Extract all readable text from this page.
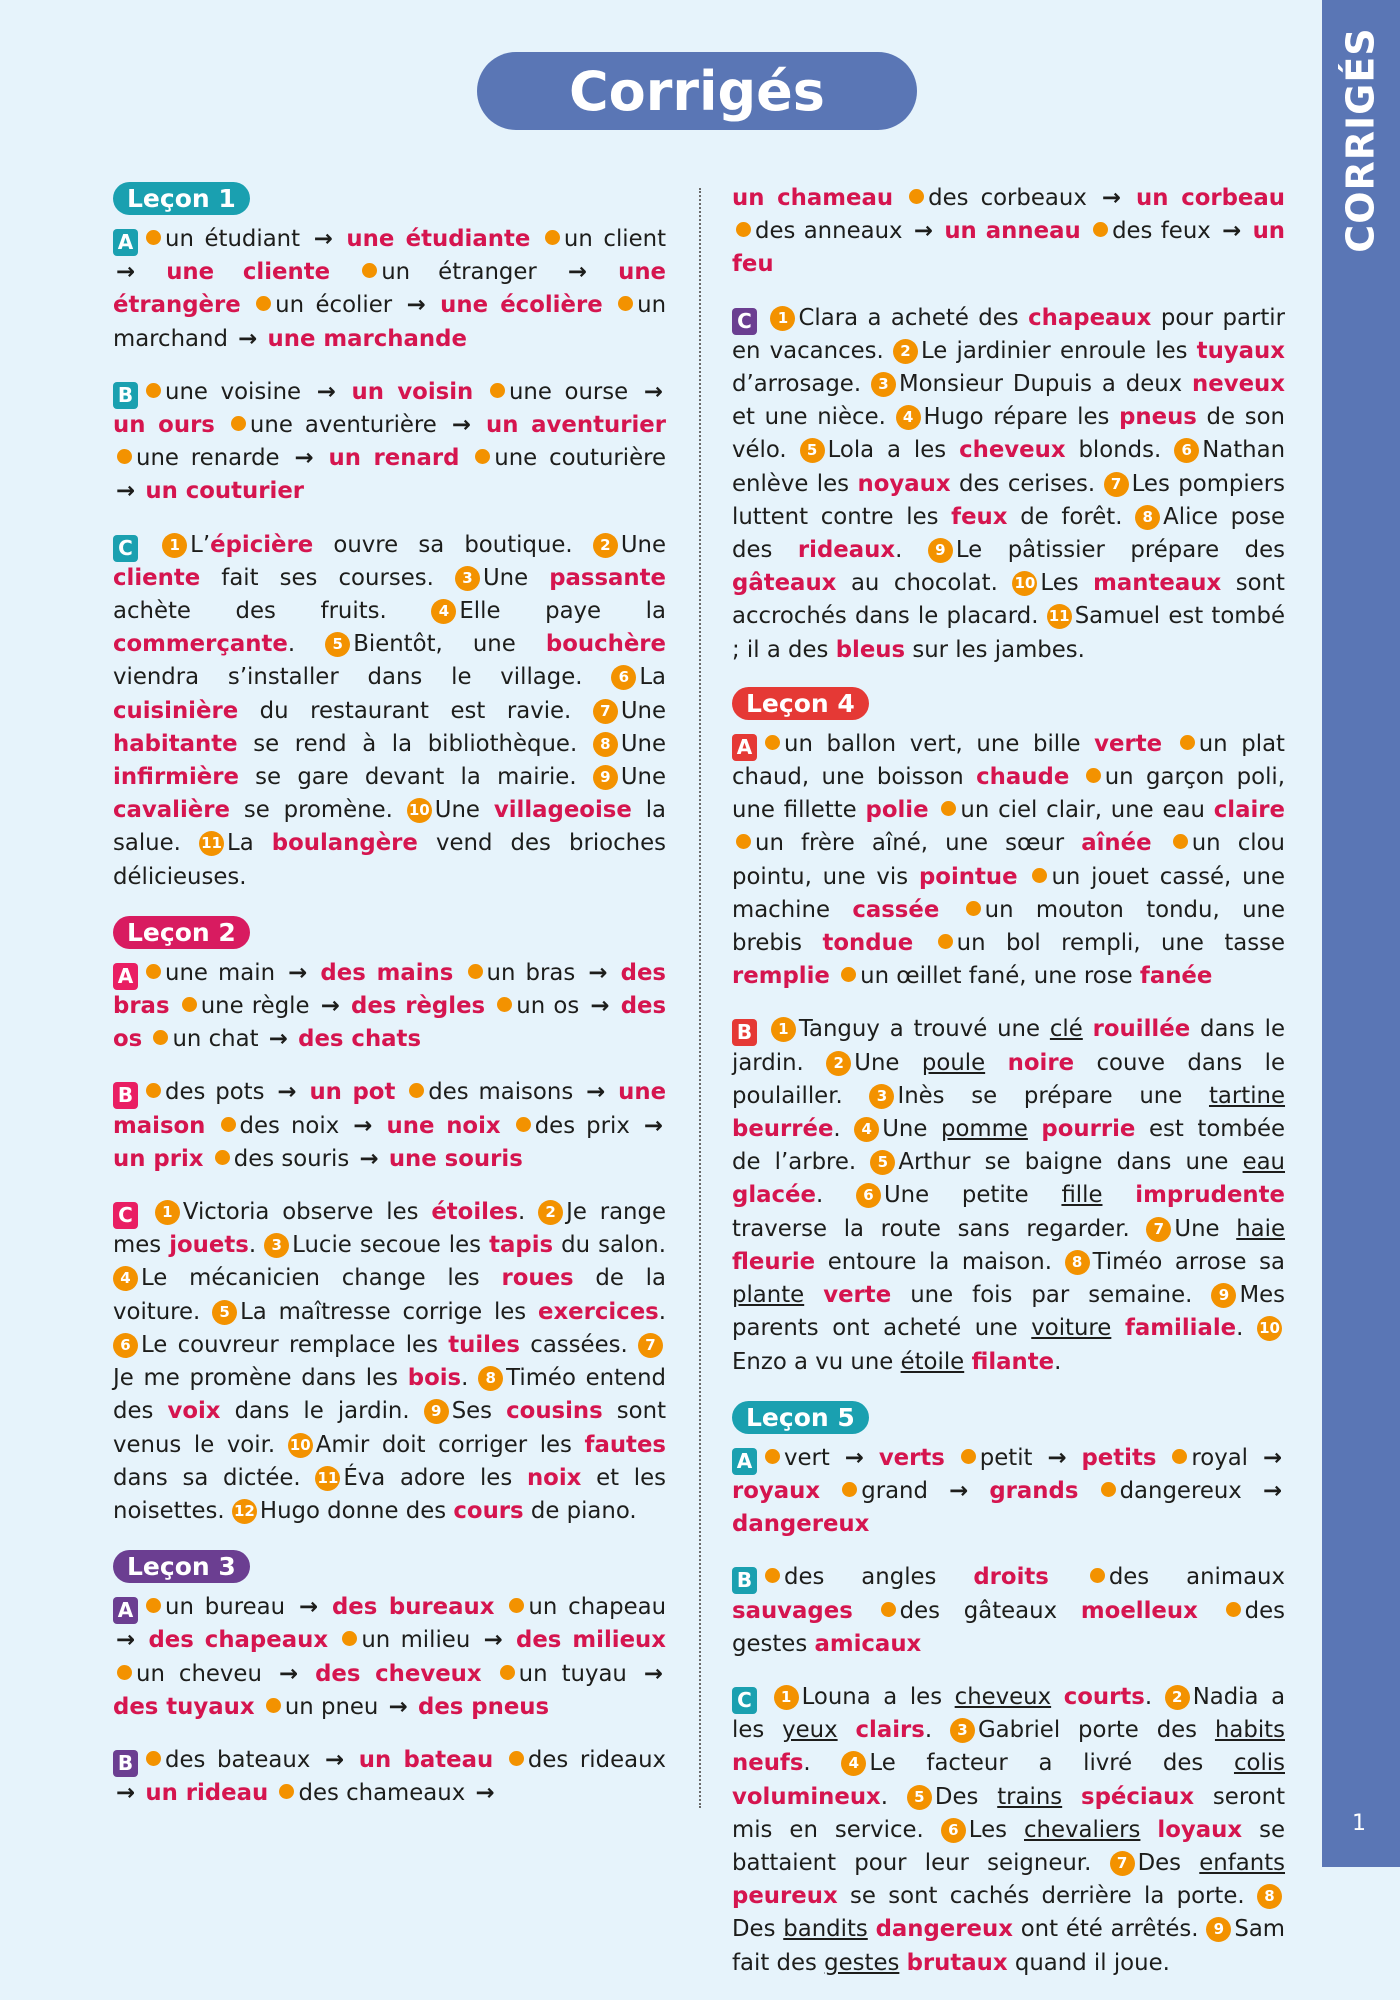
CORRIGÉS
1
Corrigés
Leçon 1
A un étudiant → une étudiante un client → une cliente un étranger → une étrangère un écolier → une écolière un marchand → une marchande
B une voisine → un voisin une ourse → un ours une aventurière → un aventurier une renarde → un renard une couturière → un couturier
C 1 L’épicière ouvre sa boutique. 2 Une cliente fait ses courses. 3 Une passante achète des fruits.	4 Elle paye la commerçante. 5 Bientôt, une bouchère viendra s’installer dans le village. 6 La cuisinière du restaurant est ravie. 7 Une habitante se rend à la bibliothèque. 8 Une infirmière se gare devant la mairie. 9 Une cavalière se promène. 10 Une villageoise la salue. 11 La boulangère vend des brioches délicieuses.
Leçon 2
A une main → des mains un bras → des bras une règle → des règles un os → des os un chat → des chats
B des pots → un pot des maisons → une maison des noix → une noix des prix → un prix des souris → une souris
C 1 Victoria observe les étoiles. 2 Je range mes jouets. 3 Lucie secoue les tapis du salon. 4 Le mécanicien change les roues de la voiture. 5 La maîtresse corrige les exercices. 6 Le couvreur remplace les tuiles cassées. 7Je me promène dans les bois. 8 Timéo entend des voix dans le jardin. 9 Ses cousins sont venus le voir. 10 Amir doit corriger les fautes dans sa dictée. 11 Éva adore les noix et les noisettes. 12 Hugo donne des cours de piano.
Leçon 3
A un bureau → des bureaux un chapeau → des chapeaux un milieu → des milieux un cheveu → des cheveux un tuyau → des tuyaux un pneu → des pneus
B des bateaux → un bateau des rideaux → un rideau des chameaux →
un chameau des corbeaux → un corbeau des anneaux → un anneau des feux → un feu
C 1 Clara a acheté des chapeaux pour partir en vacances. 2 Le jardinier enroule les tuyaux d’arrosage. 3 Monsieur Dupuis a deux neveux et une nièce. 4 Hugo répare les pneus de son vélo. 5 Lola a les cheveux blonds. 6 Nathan enlève les noyaux des cerises. 7 Les pompiers luttent contre les feux de forêt. 8 Alice pose des rideaux. 9 Le pâtissier prépare des gâteaux au chocolat. 10 Les manteaux sont accrochés dans le placard. 11 Samuel est tombé ; il a des bleus sur les jambes.
Leçon 4
A un ballon vert, une bille verte un plat chaud, une boisson chaude un garçon poli, une fillette polie un ciel clair, une eau claire un frère aîné, une sœur aînée un clou pointu, une vis pointue un jouet cassé, une machine cassée un mouton tondu, une brebis tondue un bol rempli, une tasse remplie un œillet fané, une rose fanée
B 1 Tanguy a trouvé une clé rouillée dans le jardin. 2 Une poule noire couve dans le poulailler. 3 Inès se prépare une tartine beurrée. 4 Une pomme pourrie est tombée de l’arbre. 5 Arthur se baigne dans une eau glacée.	6 Une petite fille imprudente traverse la route sans regarder. 7 Une haie fleurie entoure la maison. 8 Timéo arrose sa plante verte une fois par semaine. 9 Mes parents ont acheté une voiture familiale. 10Enzo a vu une étoile filante.
Leçon 5
A vert → verts petit → petits royal → royaux grand → grands dangereux → dangereux
B des angles droits	des animaux sauvages des gâteaux moelleux des gestes amicaux
C 1 Louna a les cheveux courts. 2 Nadia a les yeux clairs. 3 Gabriel porte des habits neufs.	4 Le facteur a livré des colis volumineux. 5 Des trains spéciaux seront mis en service. 6 Les chevaliers loyaux se battaient pour leur seigneur. 7 Des enfants peureux se sont cachés derrière la porte. 8Des bandits dangereux ont été arrêtés. 9 Sam fait des gestes brutaux quand il joue.
